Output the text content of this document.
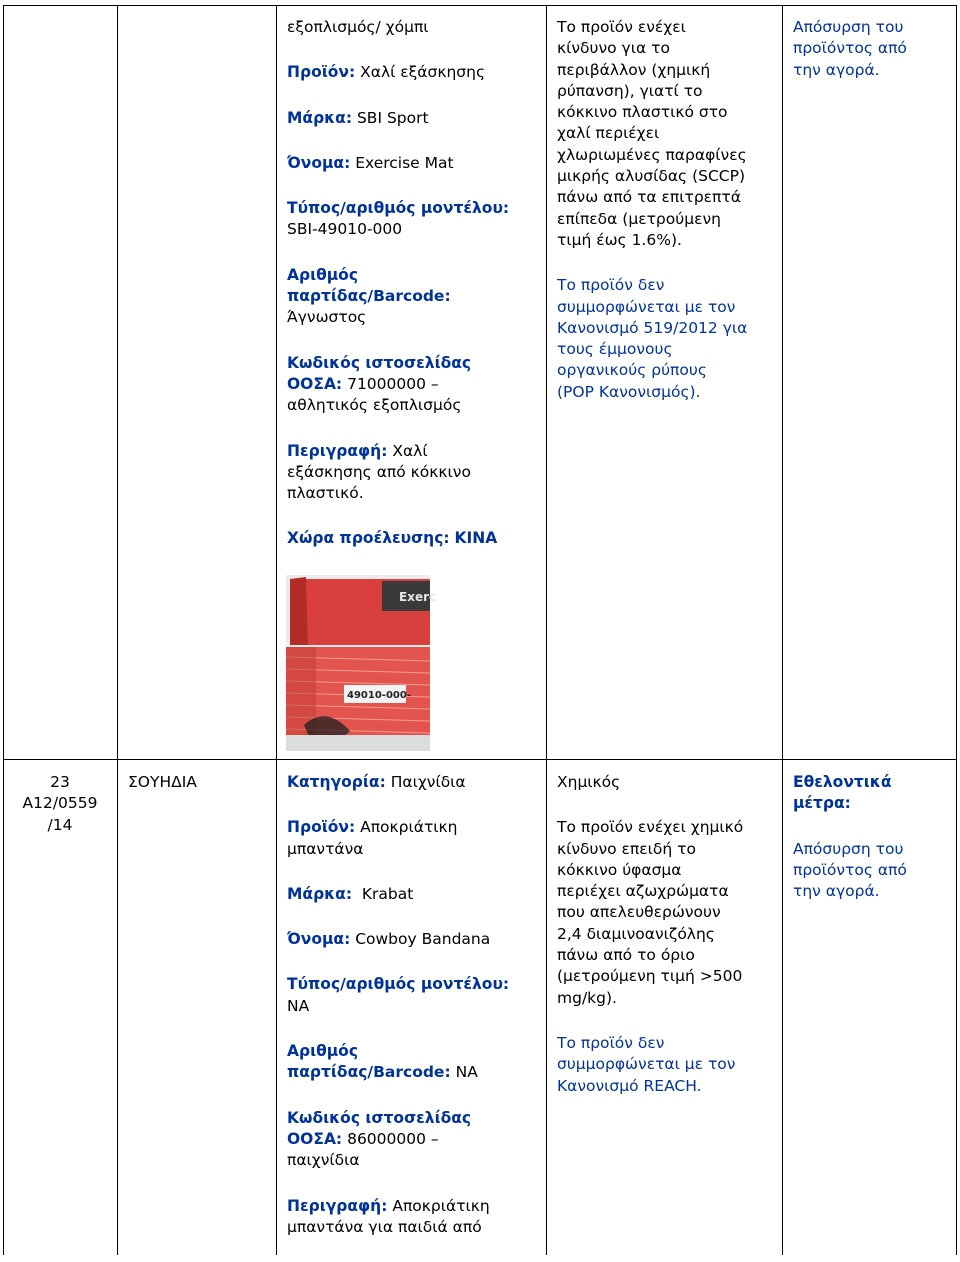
εξοπλισμός/ χόμπι

Προϊόν: Χαλί εξάσκησης

Μάρκα: SBI Sport

Όνομα: Exercise Mat

Τύπος/αριθμός μοντέλου:
SBI-49010-000

Αριθμός
παρτίδας/Barcode:
Άγνωστος

Κωδικός ιστοσελίδας
ΟΟΣΑ: 71000000 –
αθλητικός εξοπλισμός

Περιγραφή: Χαλί
εξάσκησης από κόκκινο
πλαστικό.

Χώρα προέλευσης: ΚΙΝΑ

Exerc
49010-000-

Το προϊόν ενέχει
κίνδυνο για το
περιβάλλον (χημική
ρύπανση), γιατί το
κόκκινο πλαστικό στο
χαλί περιέχει
χλωριωμένες παραφίνες
μικρής αλυσίδας (SCCP)
πάνω από τα επιτρεπτά
επίπεδα (μετρούμενη
τιμή έως 1.6%).

Το προϊόν δεν
συμμορφώνεται με τον
Κανονισμό 519/2012 για
τους έμμονους
οργανικούς ρύπους
(POP Κανονισμός).

Απόσυρση του
προϊόντος από
την αγορά.

23
A12/0559
/14
ΣΟΥΗΔΙΑ	Κατηγορία: Παιχνίδια

Προϊόν: Αποκριάτικη
μπαντάνα

Μάρκα: Krabat

Όνομα: Cowboy Bandana

Τύπος/αριθμός μοντέλου:
NA

Αριθμός
παρτίδας/Barcode: NA

Κωδικός ιστοσελίδας
ΟΟΣΑ: 86000000 –
παιχνίδια

Περιγραφή: Αποκριάτικη
μπαντάνα για παιδιά από

Χημικός

Το προϊόν ενέχει χημικό
κίνδυνο επειδή το
κόκκινο ύφασμα
περιέχει αζωχρώματα
που απελευθερώνουν
2,4 διαμινοανιζόλης
πάνω από το όριο
(μετρούμενη τιμή >500
mg/kg).

Το προϊόν δεν
συμμορφώνεται με τον
Κανονισμό REACH.

Εθελοντικά
μέτρα:

Απόσυρση του
προϊόντος από
την αγορά.
